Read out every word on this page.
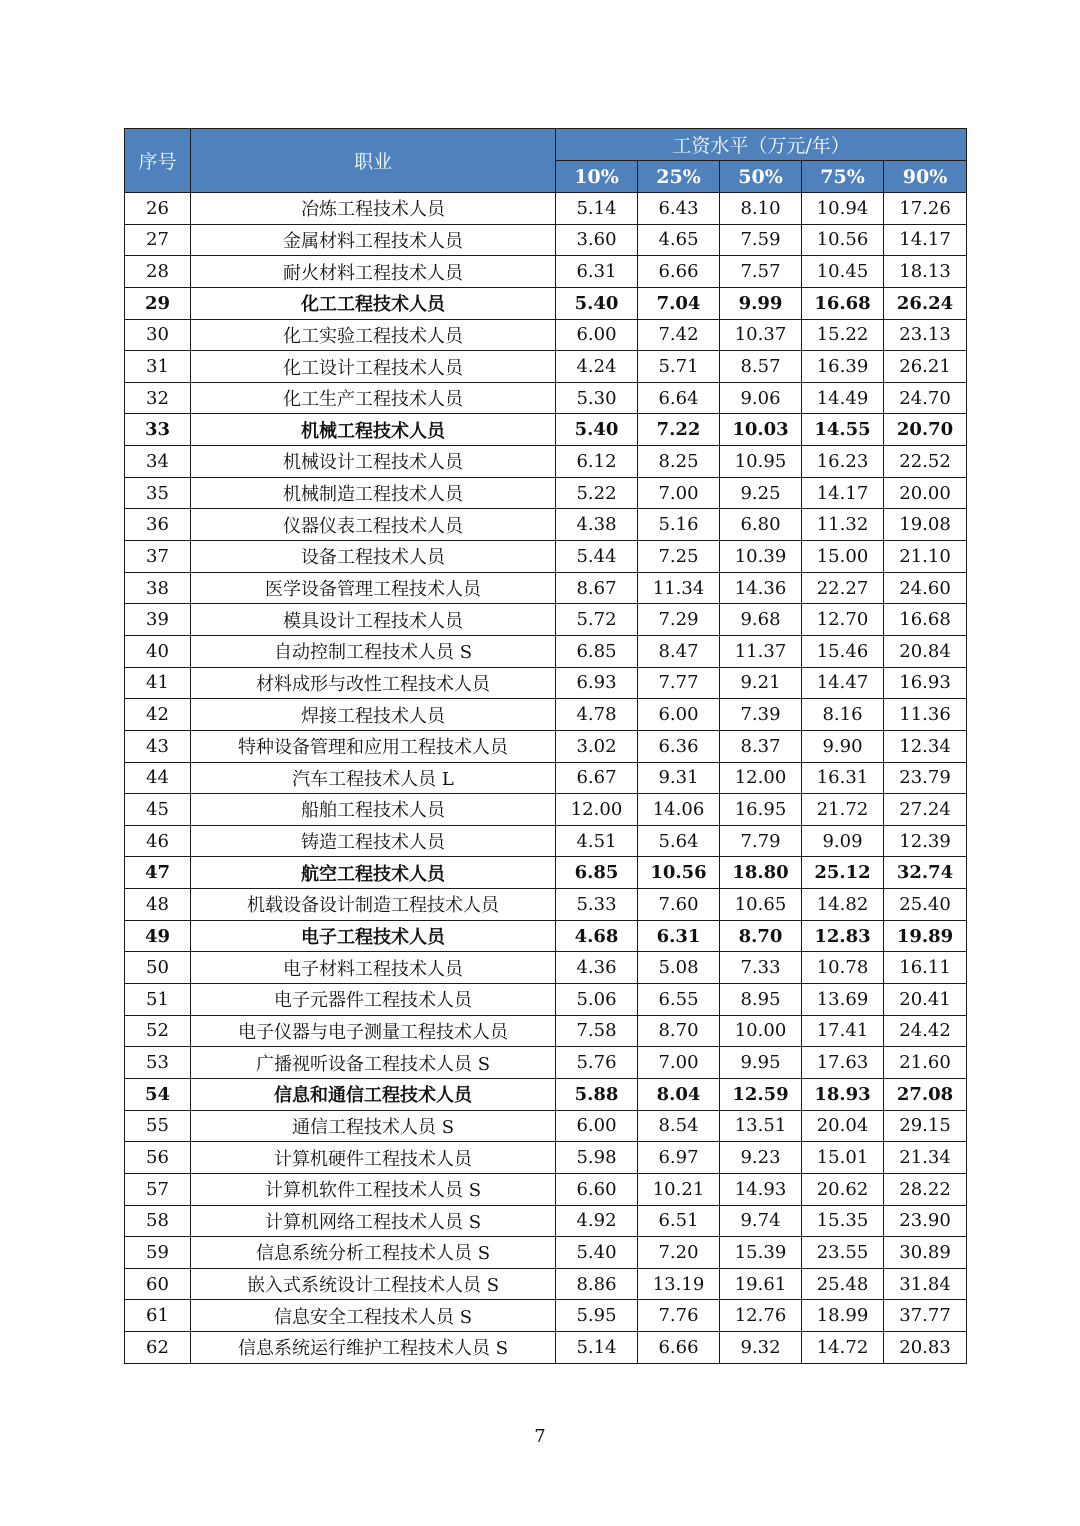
序号	职业	工资水平（万元/年）				
		10%	25%	50%	75%	90%
26	冶炼工程技术人员	5.14	6.43	8.10	10.94	17.26
27	金属材料工程技术人员	3.60	4.65	7.59	10.56	14.17
28	耐火材料工程技术人员	6.31	6.66	7.57	10.45	18.13
29	化工工程技术人员	5.40	7.04	9.99	16.68	26.24
30	化工实验工程技术人员	6.00	7.42	10.37	15.22	23.13
31	化工设计工程技术人员	4.24	5.71	8.57	16.39	26.21
32	化工生产工程技术人员	5.30	6.64	9.06	14.49	24.70
33	机械工程技术人员	5.40	7.22	10.03	14.55	20.70
34	机械设计工程技术人员	6.12	8.25	10.95	16.23	22.52
35	机械制造工程技术人员	5.22	7.00	9.25	14.17	20.00
36	仪器仪表工程技术人员	4.38	5.16	6.80	11.32	19.08
37	设备工程技术人员	5.44	7.25	10.39	15.00	21.10
38	医学设备管理工程技术人员	8.67	11.34	14.36	22.27	24.60
39	模具设计工程技术人员	5.72	7.29	9.68	12.70	16.68
40	自动控制工程技术人员 S	6.85	8.47	11.37	15.46	20.84
41	材料成形与改性工程技术人员	6.93	7.77	9.21	14.47	16.93
42	焊接工程技术人员	4.78	6.00	7.39	8.16	11.36
43	特种设备管理和应用工程技术人员	3.02	6.36	8.37	9.90	12.34
44	汽车工程技术人员 L	6.67	9.31	12.00	16.31	23.79
45	船舶工程技术人员	12.00	14.06	16.95	21.72	27.24
46	铸造工程技术人员	4.51	5.64	7.79	9.09	12.39
47	航空工程技术人员	6.85	10.56	18.80	25.12	32.74
48	机载设备设计制造工程技术人员	5.33	7.60	10.65	14.82	25.40
49	电子工程技术人员	4.68	6.31	8.70	12.83	19.89
50	电子材料工程技术人员	4.36	5.08	7.33	10.78	16.11
51	电子元器件工程技术人员	5.06	6.55	8.95	13.69	20.41
52	电子仪器与电子测量工程技术人员	7.58	8.70	10.00	17.41	24.42
53	广播视听设备工程技术人员 S	5.76	7.00	9.95	17.63	21.60
54	信息和通信工程技术人员	5.88	8.04	12.59	18.93	27.08
55	通信工程技术人员 S	6.00	8.54	13.51	20.04	29.15
56	计算机硬件工程技术人员	5.98	6.97	9.23	15.01	21.34
57	计算机软件工程技术人员 S	6.60	10.21	14.93	20.62	28.22
58	计算机网络工程技术人员 S	4.92	6.51	9.74	15.35	23.90
59	信息系统分析工程技术人员 S	5.40	7.20	15.39	23.55	30.89
60	嵌入式系统设计工程技术人员 S	8.86	13.19	19.61	25.48	31.84
61	信息安全工程技术人员 S	5.95	7.76	12.76	18.99	37.77
62	信息系统运行维护工程技术人员 S	5.14	6.66	9.32	14.72	20.83
7
